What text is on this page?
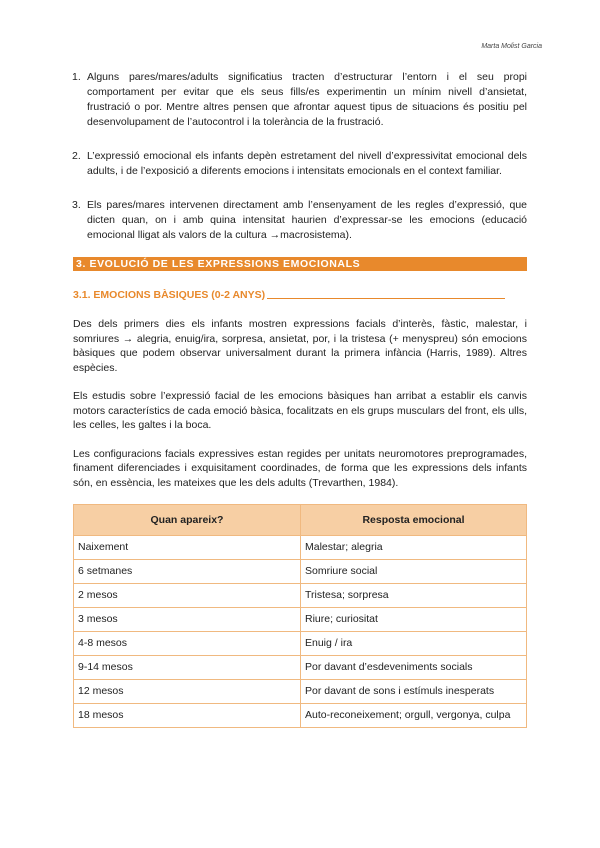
Marta Molist Garcia
1. Alguns pares/mares/adults significatius tracten d’estructurar l’entorn i el seu propi comportament per evitar que els seus fills/es experimentin un mínim nivell d’ansietat, frustració o por. Mentre altres pensen que afrontar aquest tipus de situacions és positiu pel desenvolupament de l’autocontrol i la tolerància de la frustració.
2. L’expressió emocional els infants depèn estretament del nivell d’expressivitat emocional dels adults, i de l’exposició a diferents emocions i intensitats emocionals en el context familiar.
3. Els pares/mares intervenen directament amb l’ensenyament de les regles d’expressió, que dicten quan, on i amb quina intensitat haurien d’expressar-se les emocions (educació emocional lligat als valors de la cultura →macrosistema).
3. EVOLUCIÓ DE LES EXPRESSIONS EMOCIONALS
3.1. EMOCIONS BÀSIQUES (0-2 ANYS)

Des dels primers dies els infants mostren expressions facials d’interès, fàstic, malestar, i somriures → alegria, enuig/ira, sorpresa, ansietat, por, i la tristesa (+ menyspreu) són emocions bàsiques que podem observar universalment durant la primera infància (Harris, 1989). Altres espècies.

Els estudis sobre l’expressió facial de les emocions bàsiques han arribat a establir els canvis motors característics de cada emoció bàsica, focalitzats en els grups musculars del front, els ulls, les celles, les galtes i la boca.

Les configuracions facials expressives estan regides per unitats neuromotores preprogramades, finament diferenciades i exquisitament coordinades, de forma que les expressions dels infants són, en essència, les mateixes que les dels adults (Trevarthen, 1984).

Quan apareix?	Resposta emocional
Naixement	Malestar; alegria
6 setmanes	Somriure social
2 mesos	Tristesa; sorpresa
3 mesos	Riure; curiositat
4-8 mesos	Enuig / ira
9-14 mesos	Por davant d’esdeveniments socials
12 mesos	Por davant de sons i estímuls inesperats
18 mesos	Auto-reconeixement; orgull, vergonya, culpa
